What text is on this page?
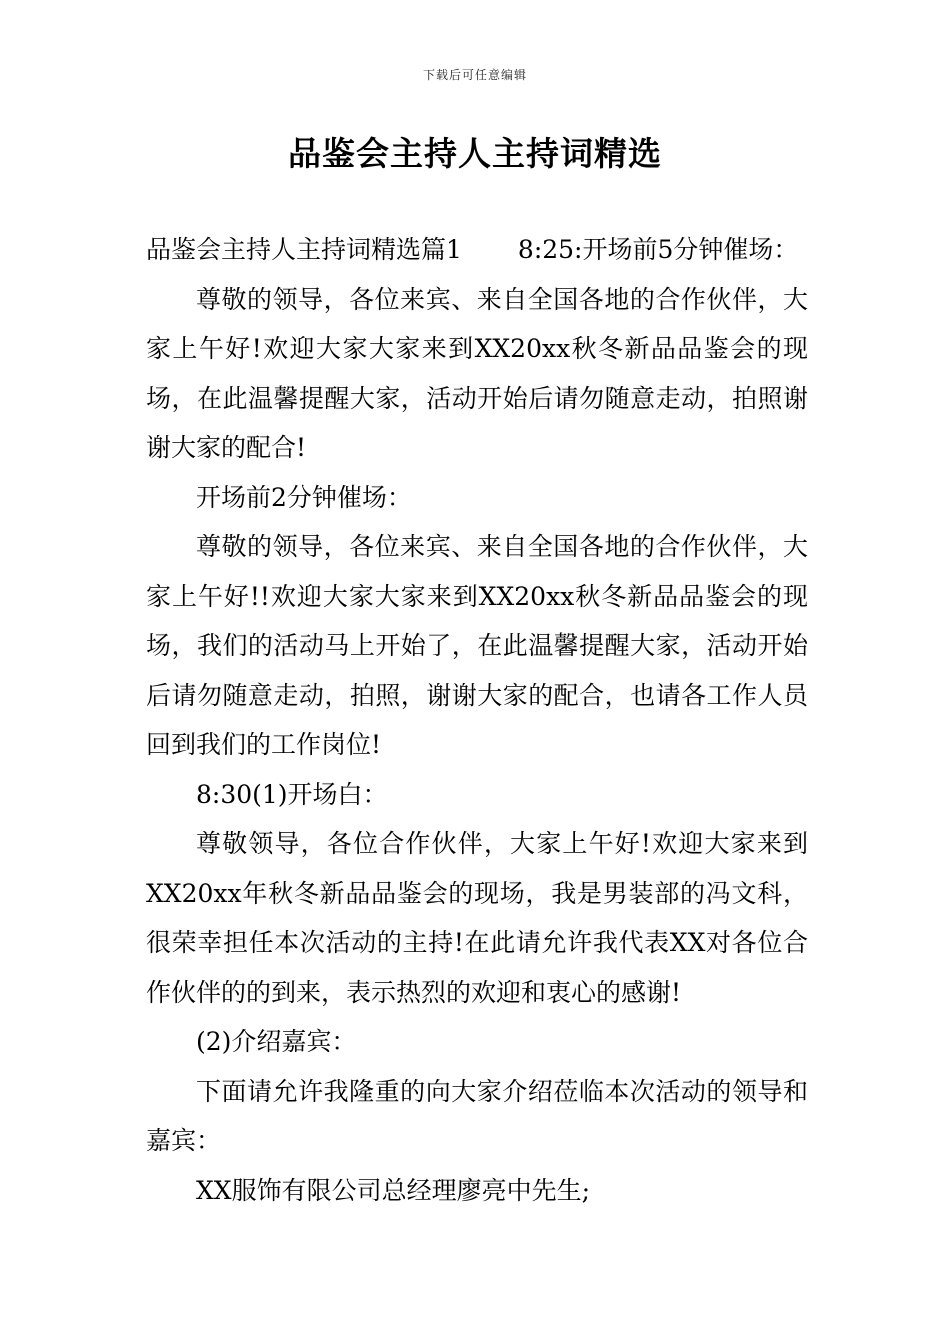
下载后可任意编辑
品鉴会主持人主持词精选

品鉴会主持人主持词精选篇1 8:25:开场前5分钟催场：

尊敬的领导，各位来宾、来自全国各地的合作伙伴，大家上午好!欢迎大家大家来到XX20xx秋冬新品品鉴会的现场，在此温馨提醒大家，活动开始后请勿随意走动，拍照谢谢大家的配合!

开场前2分钟催场：

尊敬的领导，各位来宾、来自全国各地的合作伙伴，大家上午好!!欢迎大家大家来到XX20xx秋冬新品品鉴会的现场，我们的活动马上开始了，在此温馨提醒大家，活动开始后请勿随意走动，拍照，谢谢大家的配合，也请各工作人员回到我们的工作岗位!

8:30(1)开场白：

尊敬领导，各位合作伙伴，大家上午好!欢迎大家来到XX20xx年秋冬新品品鉴会的现场，我是男装部的冯文科，很荣幸担任本次活动的主持!在此请允许我代表XX对各位合作伙伴的的到来，表示热烈的欢迎和衷心的感谢!

(2)介绍嘉宾：

下面请允许我隆重的向大家介绍莅临本次活动的领导和嘉宾：

XX服饰有限公司总经理廖亮中先生;
